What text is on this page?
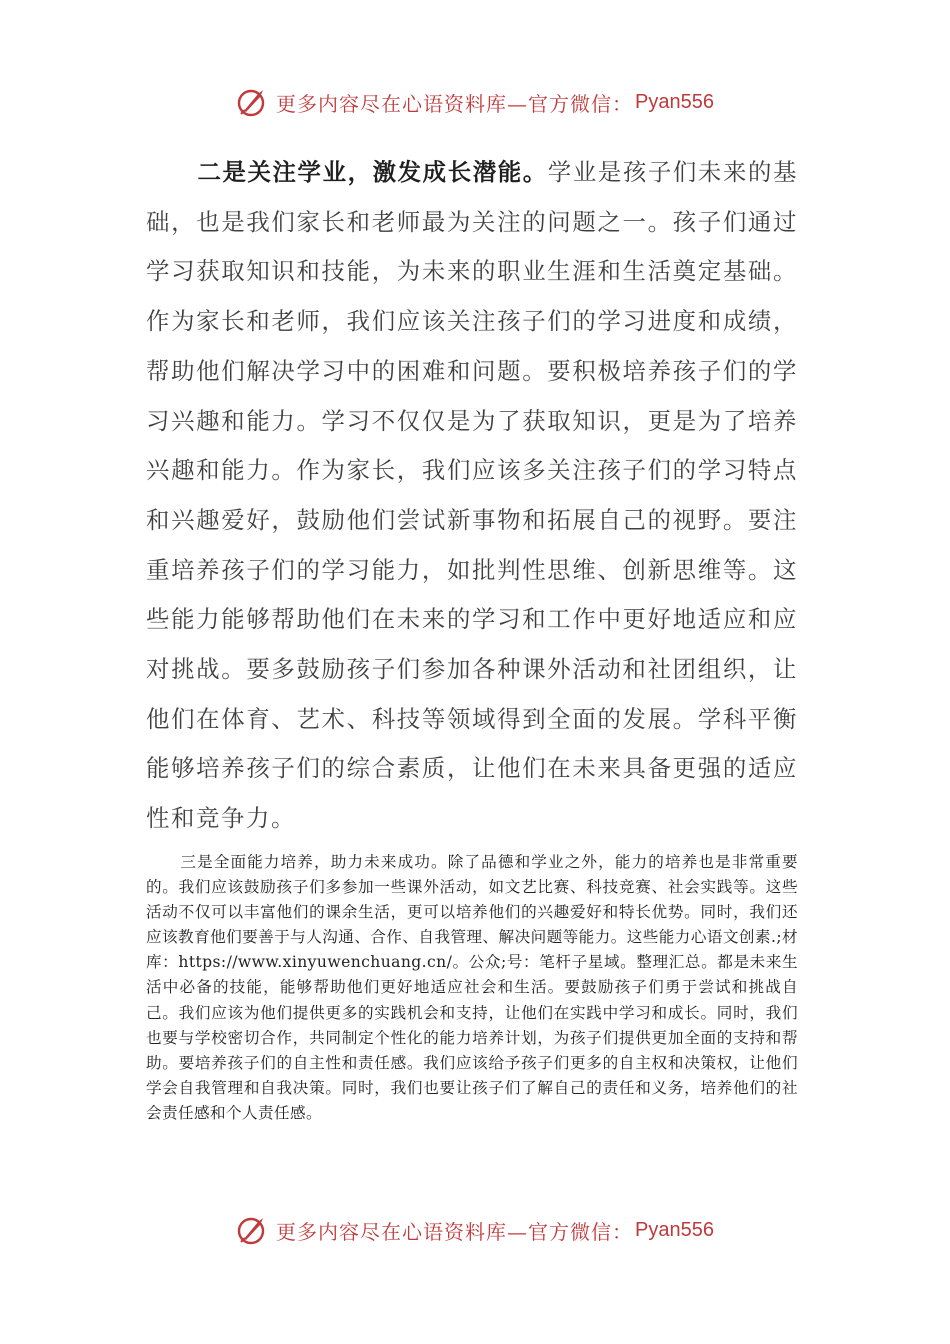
更多内容尽在心语资料库—官方微信： Pyan556

二是关注学业，激发成长潜能。学业是孩子们未来的基础，也是我们家长和老师最为关注的问题之一。孩子们通过学习获取知识和技能，为未来的职业生涯和生活奠定基础。作为家长和老师，我们应该关注孩子们的学习进度和成绩，帮助他们解决学习中的困难和问题。要积极培养孩子们的学习兴趣和能力。学习不仅仅是为了获取知识，更是为了培养兴趣和能力。作为家长，我们应该多关注孩子们的学习特点和兴趣爱好，鼓励他们尝试新事物和拓展自己的视野。要注重培养孩子们的学习能力，如批判性思维、创新思维等。这些能力能够帮助他们在未来的学习和工作中更好地适应和应对挑战。要多鼓励孩子们参加各种课外活动和社团组织，让他们在体育、艺术、科技等领域得到全面的发展。学科平衡能够培养孩子们的综合素质，让他们在未来具备更强的适应性和竞争力。

三是全面能力培养，助力未来成功。除了品德和学业之外，能力的培养也是非常重要的。我们应该鼓励孩子们多参加一些课外活动，如文艺比赛、科技竞赛、社会实践等。这些活动不仅可以丰富他们的课余生活，更可以培养他们的兴趣爱好和特长优势。同时，我们还应该教育他们要善于与人沟通、合作、自我管理、解决问题等能力。这些能力心语文创素.;材库：https://www.xinyuwenchuang.cn/。公众;号：笔杆子星域。整理汇总。都是未来生活中必备的技能，能够帮助他们更好地适应社会和生活。要鼓励孩子们勇于尝试和挑战自己。我们应该为他们提供更多的实践机会和支持，让他们在实践中学习和成长。同时，我们也要与学校密切合作，共同制定个性化的能力培养计划，为孩子们提供更加全面的支持和帮助。要培养孩子们的自主性和责任感。我们应该给予孩子们更多的自主权和决策权，让他们学会自我管理和自我决策。同时，我们也要让孩子们了解自己的责任和义务，培养他们的社会责任感和个人责任感。

更多内容尽在心语资料库—官方微信： Pyan556
